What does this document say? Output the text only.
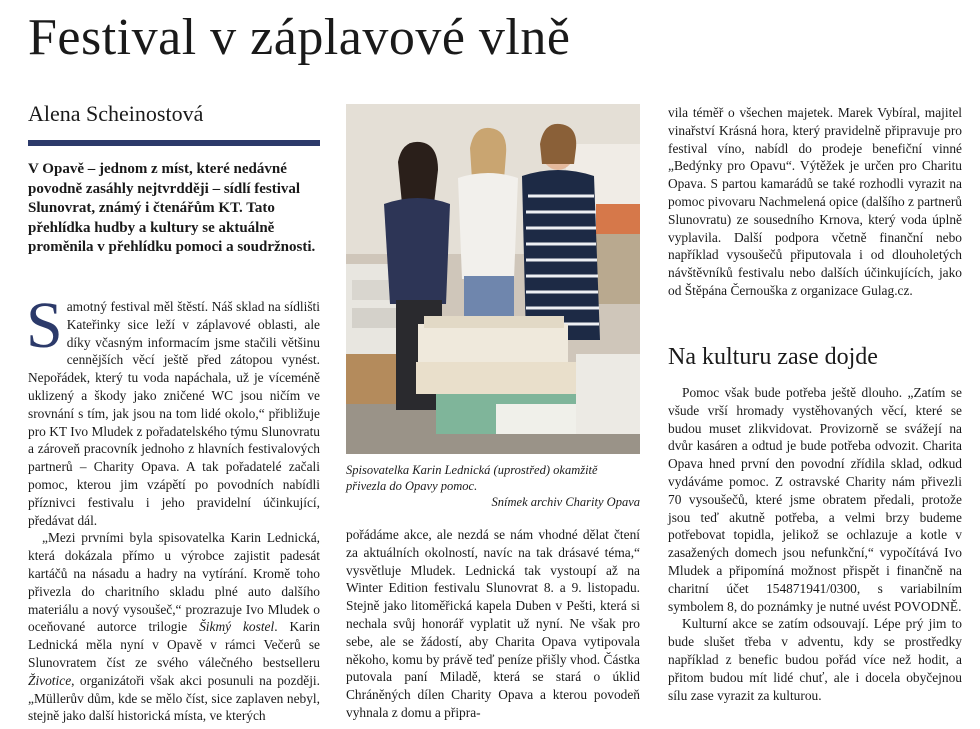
Festival v záplavové vlně
Alena Scheinostová
V Opavě – jednom z míst, které nedávné povodně zasáhly nejtvrdději – sídlí festival Slunovrat, známý i čtenářům KT. Tato přehlídka hudby a kultury se aktuálně proměnila v přehlídku pomoci a soudržnosti.

Samotný festival měl štěstí. Náš sklad na sídlišti Kateřinky sice leží v záplavové oblasti, ale díky včasným informacím jsme stačili většinu cennějších věcí ještě před zátopou vynést. Nepořádek, který tu voda napáchala, už je víceméně uklizený a škody jako zničené WC jsou ničím ve srovnání s tím, jak jsou na tom lidé okolo,“ přibližuje pro KT Ivo Mludek z pořadatelského týmu Slunovratu a zároveň pracovník jednoho z hlavních festivalových partnerů – Charity Opava. A tak pořadatelé začali pomoc, kterou jim vzápětí po povodních nabídli příznivci festivalu i jeho pravidelní účinkující, předávat dál.

„Mezi prvními byla spisovatelka Karin Lednická, která dokázala přímo u výrobce zajistit padesát kartáčů na násadu a hadry na vytírání. Kromě toho přivezla do charitního skladu plné auto dalšího materiálu a nový vysoušeč,“ prozrazuje Ivo Mludek o oceňované autorce trilogie Šikmý kostel. Karin Lednická měla nyní v Opavě v rámci Večerů se Slunovratem číst ze svého válečného bestselleru Životice, organizátoři však akci posunuli na později. „Müllerův dům, kde se mělo číst, sice zaplaven nebyl, stejně jako další historická místa, ve kterých

Spisovatelka Karin Lednická (uprostřed) okamžitě přivezla do Opavy pomoc.
Snímek archiv Charity Opava

pořádáme akce, ale nezdá se nám vhodné dělat čtení za aktuálních okolností, navíc na tak drásavé téma,“ vysvětluje Mludek. Lednická tak vystoupí až na Winter Edition festivalu Slunovrat 8. a 9. listopadu. Stejně jako litoměřická kapela Duben v Pešti, která si nechala svůj honorář vyplatit už nyní. Ne však pro sebe, ale se žádostí, aby Charita Opava vytipovala někoho, komu by právě teď peníze přišly vhod. Částka putovala paní Miladě, která se stará o úklid Chráněných dílen Charity Opava a kterou povodeň vyhnala z domu a připra-

vila téměř o všechen majetek. Marek Vybíral, majitel vinařství Krásná hora, který pravidelně připravuje pro festival víno, nabídl do prodeje benefiční vinné „Bedýnky pro Opavu“. Výtěžek je určen pro Charitu Opava. S partou kamarádů se také rozhodli vyrazit na pomoc pivovaru Nachmelená opice (dalšího z partnerů Slunovratu) ze sousedního Krnova, který voda úplně vyplavila. Další podpora včetně finanční nebo například vysoušečů připutovala i od dlouholetých návštěvníků festivalu nebo dalších účinkujících, jako od Štěpána Černouška z organizace Gulag.cz.

Na kulturu zase dojde

Pomoc však bude potřeba ještě dlouho. „Zatím se všude vrší hromady vystěhovaných věcí, které se budou muset zlikvidovat. Provizorně se svážejí na dvůr kasáren a odtud je bude potřeba odvozit. Charita Opava hned první den povodní zřídila sklad, odkud vydáváme pomoc. Z ostravské Charity nám přivezli 70 vysoušečů, které jsme obratem předali, protože jsou teď akutně potřeba, a velmi brzy budeme potřebovat topidla, jelikož se ochlazuje a kotle v zasažených domech jsou nefunkční,“ vypočítává Ivo Mludek a připomíná možnost přispět i finančně na charitní účet 154871941/0300, s variabilním symbolem 8, do poznámky je nutné uvést POVODNĚ.

Kulturní akce se zatím odsouvají. Lépe prý jim to bude slušet třeba v adventu, kdy se prostředky například z benefic budou pořád více než hodit, a přitom budou mít lidé chuť, ale i docela obyčejnou sílu zase vyrazit za kulturou.
